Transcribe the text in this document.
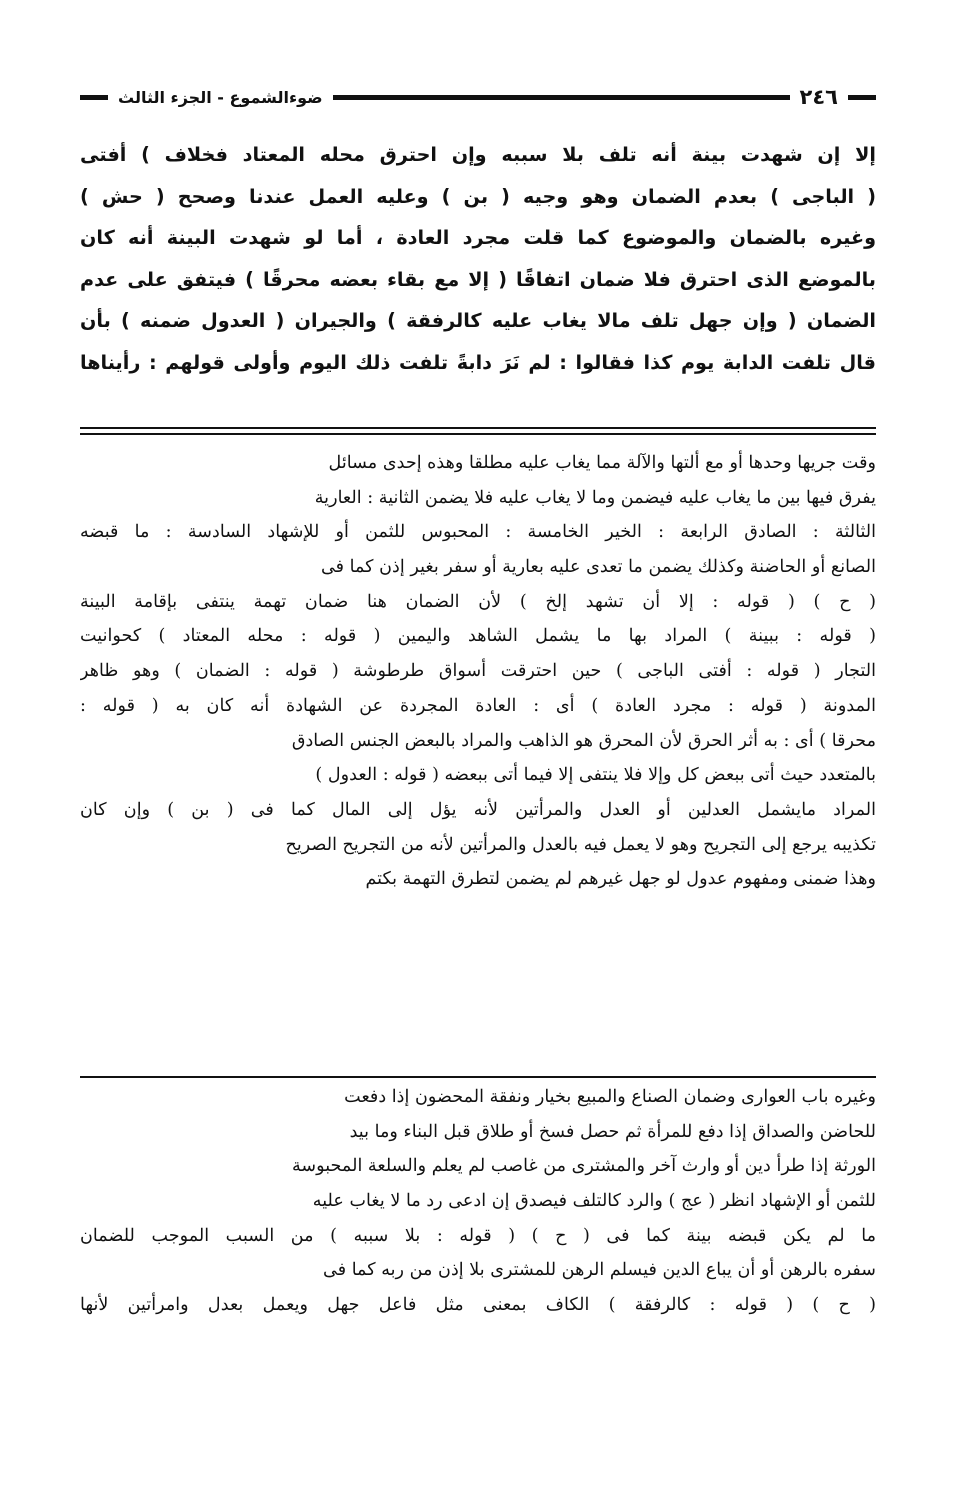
٢٤٦
ضوءالشموع - الجزء الثالث
إلا إن شهدت بينة أنه تلف بلا سببه وإن احترق محله المعتاد فخلاف ) أفتى
( الباجى ) بعدم الضمان وهو وجيه ( بن ) وعليه العمل عندنا وصحح ( حش )
وغيره بالضمان والموضوع كما قلت مجرد العادة ، أما لو شهدت البينة أنه كان
بالموضع الذى احترق فلا ضمان اتفاقًا ( إلا مع بقاء بعضه محرقًا ) فيتفق على عدم
الضمان ( وإن جهل تلف مالا يغاب عليه كالرفقة ) والجيران ( العدول ضمنه ) بأن
قال تلفت الدابة يوم كذا فقالوا : لم نَرَ دابةً تلفت ذلك اليوم وأولى قولهم : رأيناها
وقت جريها وحدها أو مع ألتها والآلة مما يغاب عليه مطلقا وهذه إحدى مسائل
يفرق فيها بين ما يغاب عليه فيضمن وما لا يغاب عليه فلا يضمن الثانية : العارية
الثالثة : الصادق الرابعة : الخير الخامسة : المحبوس للثمن أو للإشهاد السادسة : ما قبضه
الصانع أو الحاضنة وكذلك يضمن ما تعدى عليه بعارية أو سفر بغير إذن كما فى
( ح ) ( قوله : إلا أن تشهد إلخ ) لأن الضمان هنا ضمان تهمة ينتفى بإقامة البينة
( قوله : ببينة ) المراد بها ما يشمل الشاهد واليمين ( قوله : محله المعتاد ) كحوانيت
التجار ( قوله : أفتى الباجى ) حين احترقت أسواق طرطوشة ( قوله : الضمان ) وهو ظاهر
المدونة ( قوله : مجرد العادة ) أى : العادة المجردة عن الشهادة أنه كان به ( قوله :
محرقا ) أى : به أثر الحرق لأن المحرق هو الذاهب والمراد بالبعض الجنس الصادق
بالمتعدد حيث أتى ببعض كل وإلا فلا ينتفى إلا فيما أتى ببعضه ( قوله : العدول )
المراد مايشمل العدلين أو العدل والمرأتين لأنه يؤل إلى المال كما فى ( بن ) وإن كان
تكذيبه يرجع إلى التجريح وهو لا يعمل فيه بالعدل والمرأتين لأنه من التجريح الصريح
وهذا ضمنى ومفهوم عدول لو جهل غيرهم لم يضمن لتطرق التهمة بكتم
وغيره باب العوارى وضمان الصناع والمبيع بخيار ونفقة المحضون إذا دفعت
للحاضن والصداق إذا دفع للمرأة ثم حصل فسخ أو طلاق قبل البناء وما بيد
الورثة إذا طرأ دين أو وارث آخر والمشترى من غاصب لم يعلم والسلعة المحبوسة
للثمن أو الإشهاد انظر ( عج ) والرد كالتلف فيصدق إن ادعى رد ما لا يغاب عليه
ما لم يكن قبضه بينة كما فى ( ح ) ( قوله : بلا سببه ) من السبب الموجب للضمان
سفره بالرهن أو أن يباع الدين فيسلم الرهن للمشترى بلا إذن من ربه كما فى
( ح ) ( قوله : كالرفقة ) الكاف بمعنى مثل فاعل جهل ويعمل بعدل وامرأتين لأنها
